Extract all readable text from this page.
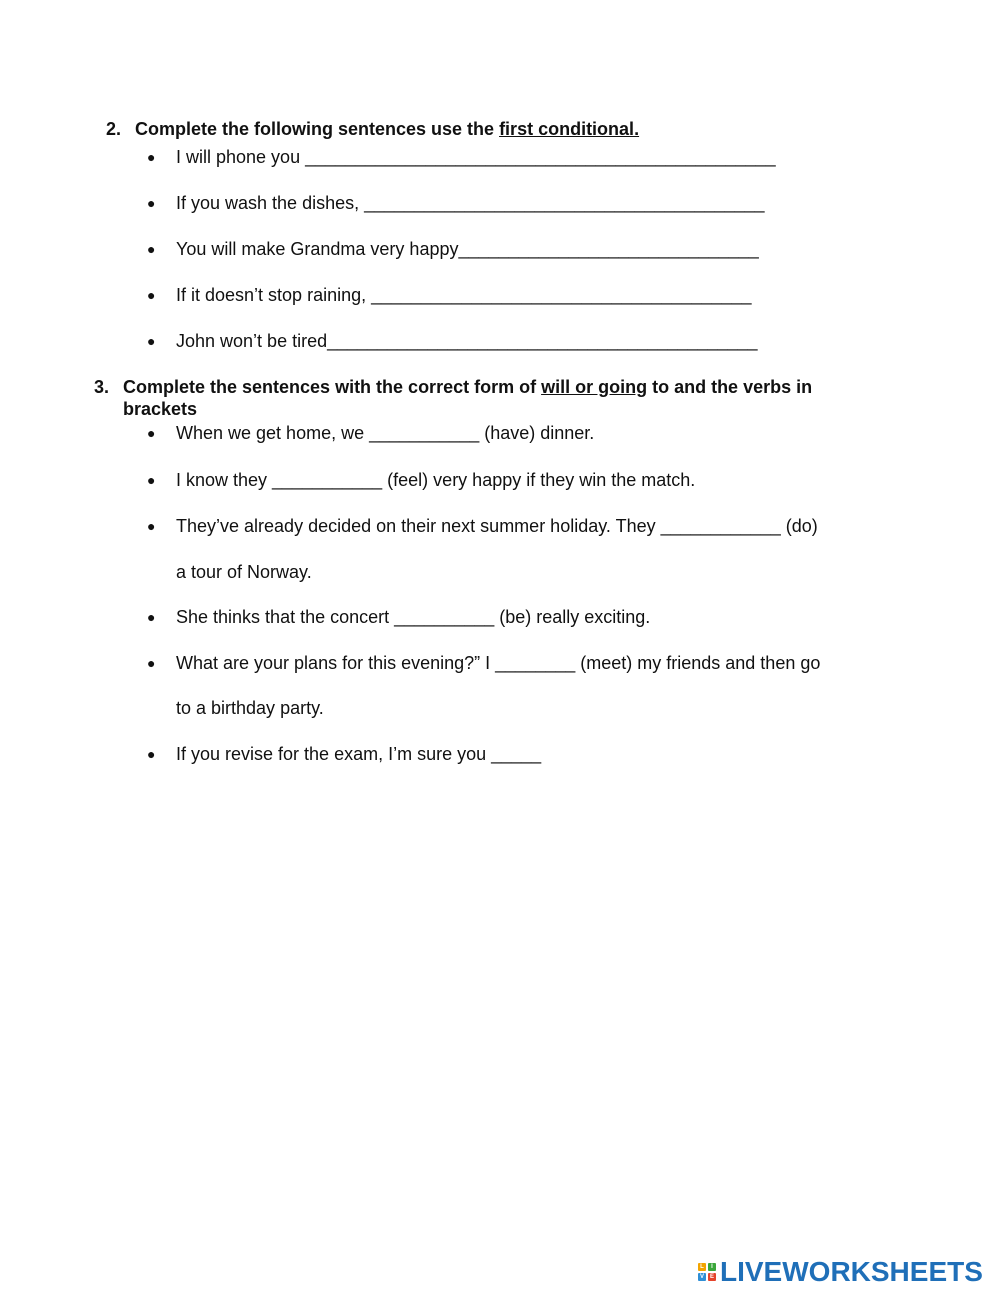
2. Complete the following sentences use the first conditional.
● I will phone you _______________________________________________
● If you wash the dishes, ________________________________________
● You will make Grandma very happy______________________________
● If it doesn’t stop raining, ______________________________________
● John won’t be tired___________________________________________
3. Complete the sentences with the correct form of will or going to and the verbs in
brackets
● When we get home, we ___________ (have) dinner.
● I know they ___________ (feel) very happy if they win the match.
● They’ve already decided on their next summer holiday. They ____________ (do)
a tour of Norway.
● She thinks that the concert __________ (be) really exciting.
● What are your plans for this evening?” I ________ (meet) my friends and then go
to a birthday party.
● If you revise for the exam, I’m sure you _____
L	I
V E LIVEWORKSHEETS
